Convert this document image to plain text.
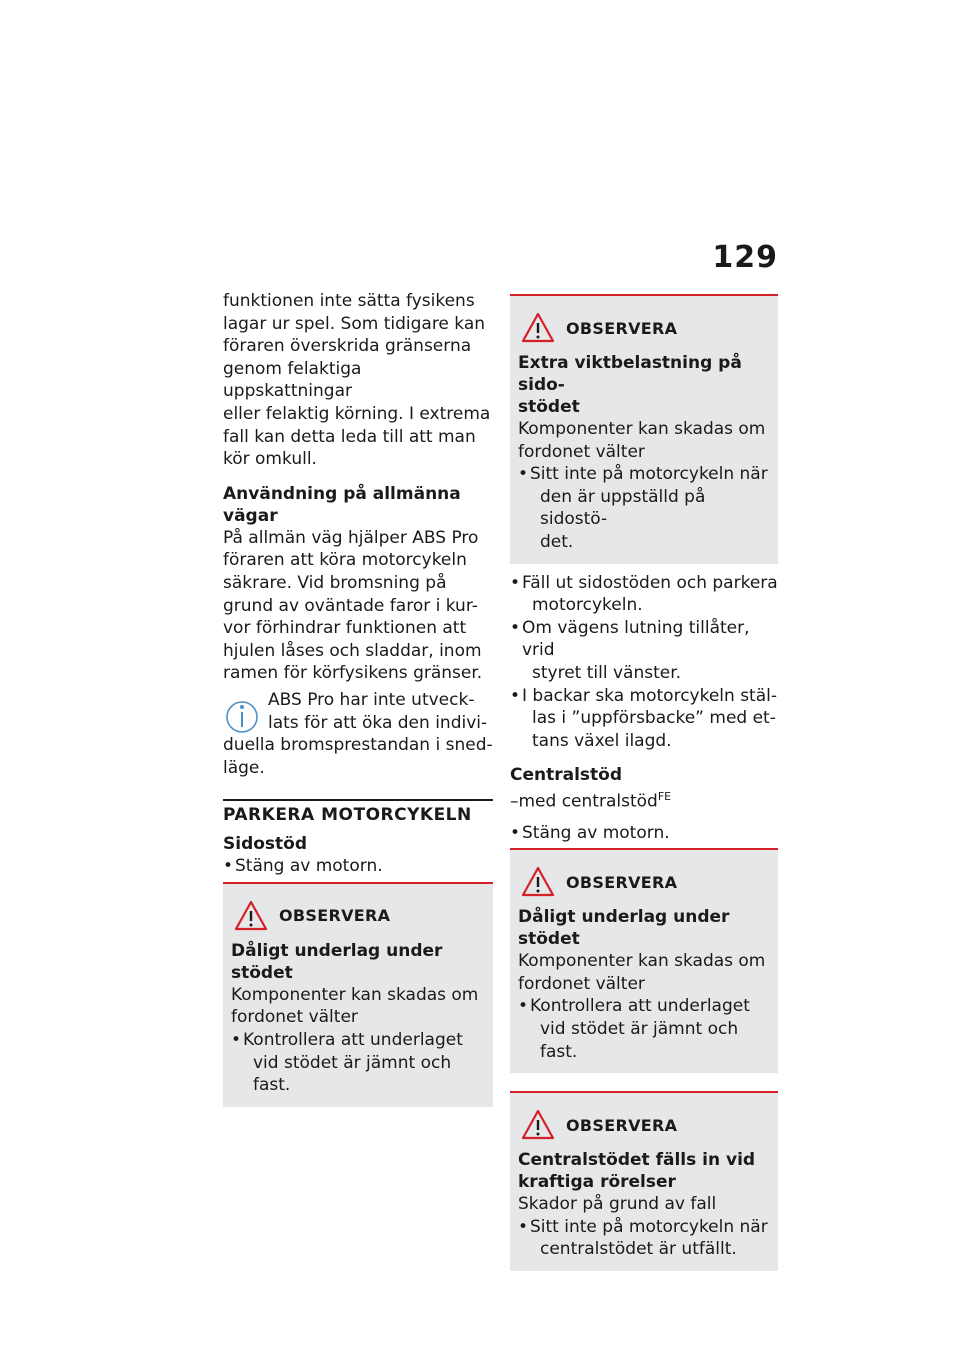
129

funktionen inte sätta fysikens

lagar ur spel. Som tidigare kan

föraren överskrida gränserna

genom felaktiga uppskattningar

eller felaktig körning. I extrema

fall kan detta leda till att man

kör omkull.

Användning på allmänna

vägar

På allmän väg hjälper ABS Pro

föraren att köra motorcykeln

säkrare. Vid bromsning på

grund av oväntade faror i kur-

vor förhindrar funktionen att

hjulen låses och sladdar, inom

ramen för körfysikens gränser.

ABS Pro har inte utveck-
lats för att öka den indivi-
duella bromsprestandan i sned-
läge.
PARKERA MOTORCYKELN

Sidostöd

• Stäng av motorn.
OBSERVERA

Dåligt underlag under stödet

Komponenter kan skadas om

fordonet välter

• Kontrollera att underlaget
vid stödet är jämnt och fast.
OBSERVERA

Extra viktbelastning på sido-

stödet

Komponenter kan skadas om

fordonet välter

• Sitt inte på motorcykeln när
den är uppställd på sidostö-
det.
• Fäll ut sidostöden och parkera
motorcykeln.
• Om vägens lutning tillåter, vrid
styret till vänster.
• I backar ska motorcykeln stäl-
las i ”uppförsbacke” med et-
tans växel ilagd.

Centralstöd

–med centralstöd$^{FE}$

• Stäng av motorn.
OBSERVERA

Dåligt underlag under stödet

Komponenter kan skadas om

fordonet välter

• Kontrollera att underlaget
vid stödet är jämnt och fast.
OBSERVERA

Centralstödet fälls in vid

kraftiga rörelser

Skador på grund av fall

• Sitt inte på motorcykeln när
centralstödet är utfällt.
